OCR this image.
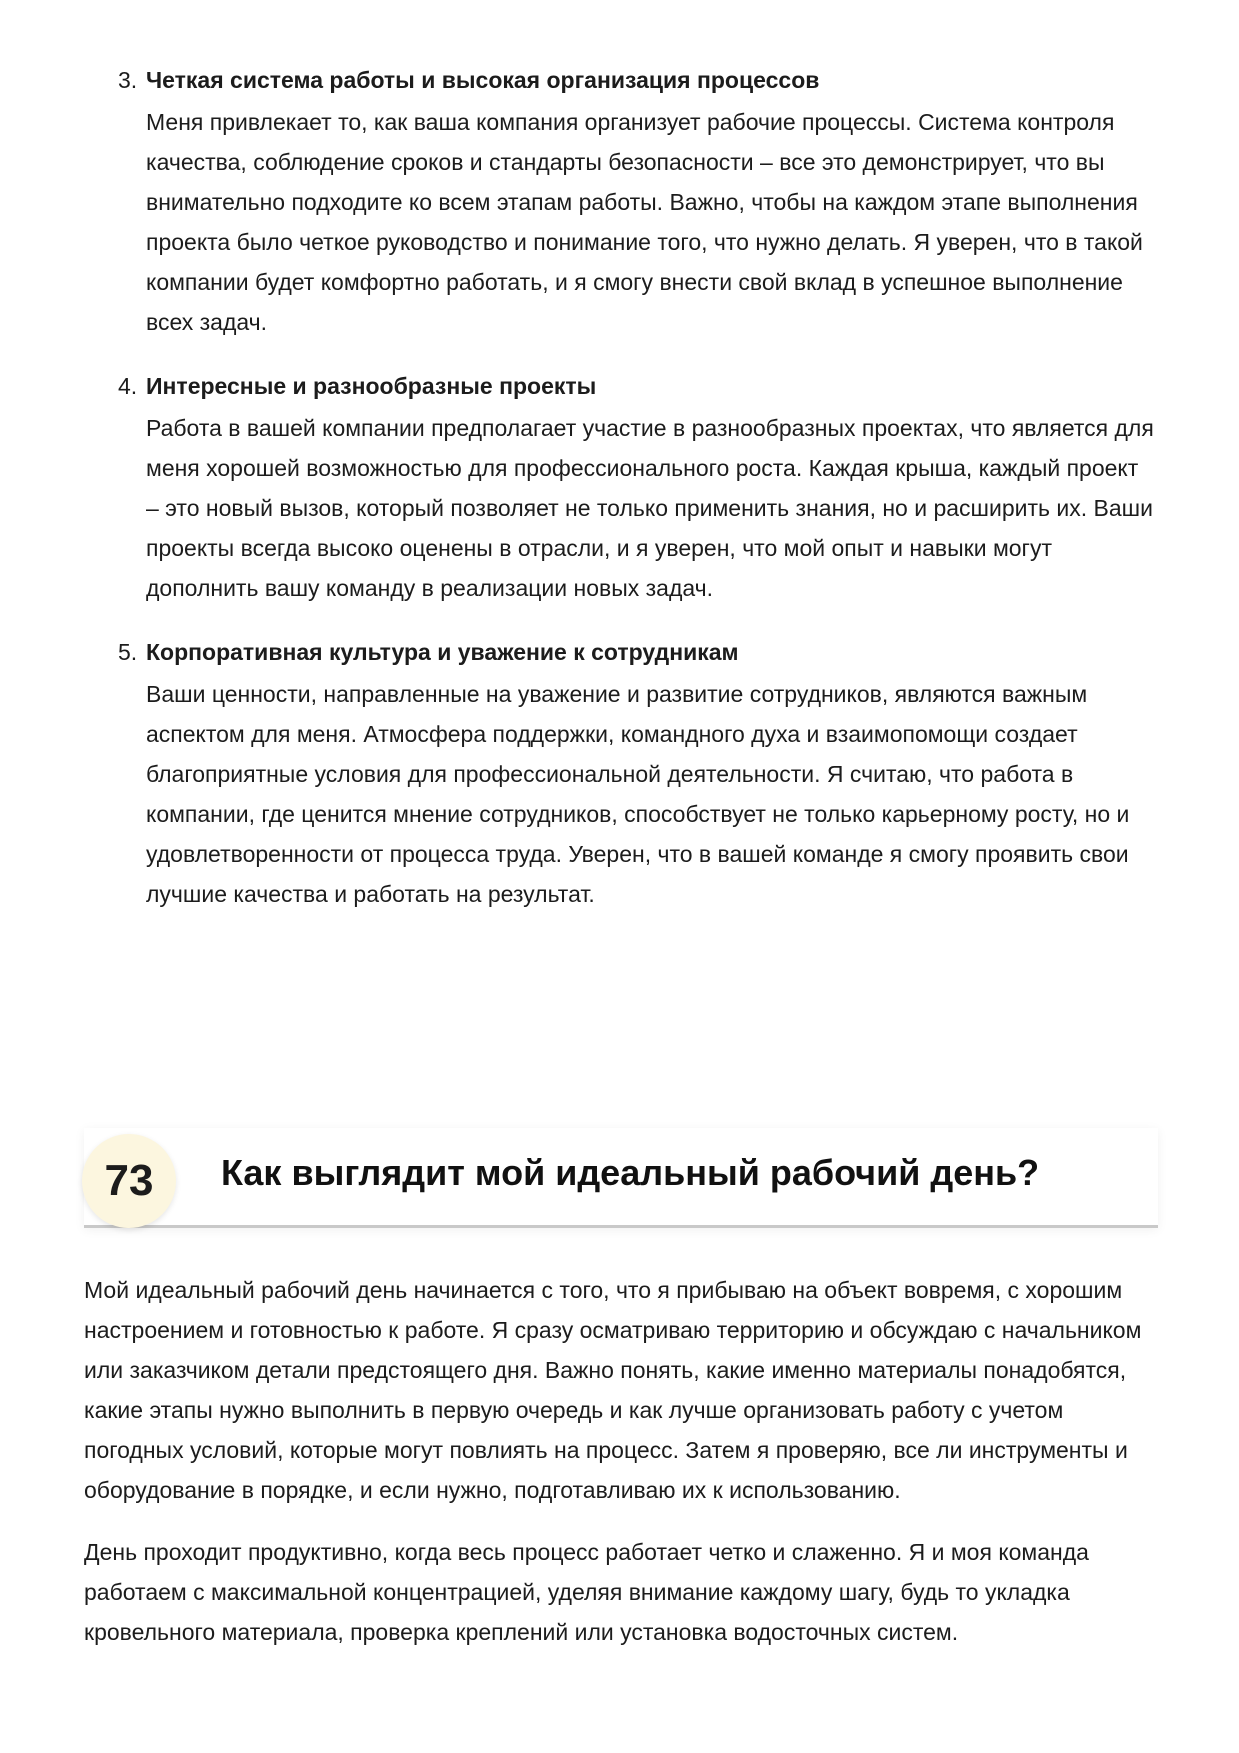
3. Четкая система работы и высокая организация процессов

Меня привлекает то, как ваша компания организует рабочие процессы. Система контроля качества, соблюдение сроков и стандарты безопасности – все это демонстрирует, что вы внимательно подходите ко всем этапам работы. Важно, чтобы на каждом этапе выполнения проекта было четкое руководство и понимание того, что нужно делать. Я уверен, что в такой компании будет комфортно работать, и я смогу внести свой вклад в успешное выполнение всех задач.

4. Интересные и разнообразные проекты

Работа в вашей компании предполагает участие в разнообразных проектах, что является для меня хорошей возможностью для профессионального роста. Каждая крыша, каждый проект – это новый вызов, который позволяет не только применить знания, но и расширить их. Ваши проекты всегда высоко оценены в отрасли, и я уверен, что мой опыт и навыки могут дополнить вашу команду в реализации новых задач.

5. Корпоративная культура и уважение к сотрудникам

Ваши ценности, направленные на уважение и развитие сотрудников, являются важным аспектом для меня. Атмосфера поддержки, командного духа и взаимопомощи создает благоприятные условия для профессиональной деятельности. Я считаю, что работа в компании, где ценится мнение сотрудников, способствует не только карьерному росту, но и удовлетворенности от процесса труда. Уверен, что в вашей команде я смогу проявить свои лучшие качества и работать на результат.

73	Как выглядит мой идеальный рабочий день?

Мой идеальный рабочий день начинается с того, что я прибываю на объект вовремя, с хорошим настроением и готовностью к работе. Я сразу осматриваю территорию и обсуждаю с начальником или заказчиком детали предстоящего дня. Важно понять, какие именно материалы понадобятся, какие этапы нужно выполнить в первую очередь и как лучше организовать работу с учетом погодных условий, которые могут повлиять на процесс. Затем я проверяю, все ли инструменты и оборудование в порядке, и если нужно, подготавливаю их к использованию.

День проходит продуктивно, когда весь процесс работает четко и слаженно. Я и моя команда работаем с максимальной концентрацией, уделяя внимание каждому шагу, будь то укладка кровельного материала, проверка креплений или установка водосточных систем.
